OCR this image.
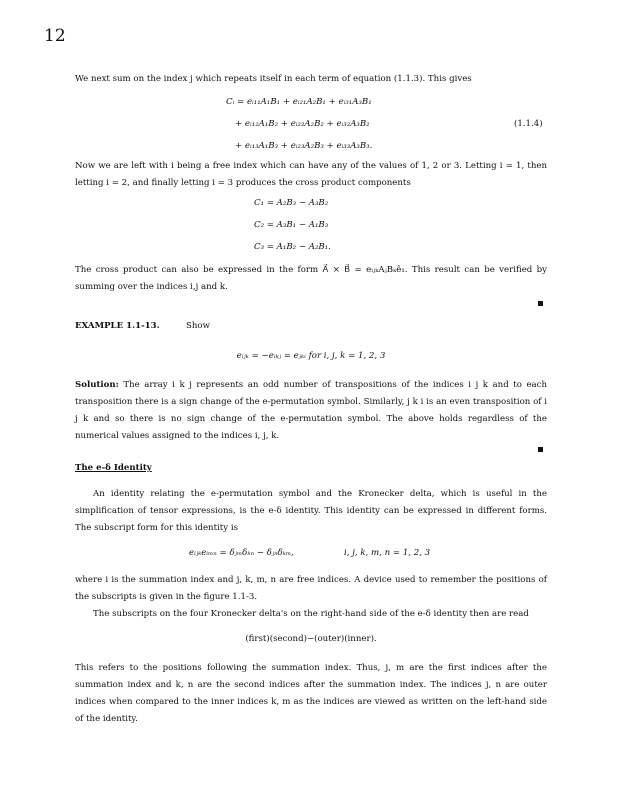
12
We next sum on the index j which repeats itself in each term of equation (1.1.3). This gives
Cᵢ = eᵢ₁₁A₁B₁ + eᵢ₂₁A₂B₁ + eᵢ₃₁A₃B₁
+ eᵢ₁₂A₁B₂ + eᵢ₂₂A₂B₂ + eᵢ₃₂A₃B₂	(1.1.4)
+ eᵢ₁₃A₁B₃ + eᵢ₂₃A₂B₃ + eᵢ₃₃A₃B₃.
Now we are left with i being a free index which can have any of the values of 1, 2 or 3. Letting i = 1, then letting i = 2, and finally letting i = 3 produces the cross product components
C₁ = A₂B₃ − A₃B₂
C₂ = A₃B₁ − A₁B₃
C₃ = A₁B₂ − A₂B₁.
The cross product can also be expressed in the form A⃗ × B⃗ = eᵢⱼₖAⱼBₖê₁. This result can be verified by summing over the indices i,j and k.
EXAMPLE 1.1-13.	Show
eᵢⱼₖ = −eᵢₖⱼ = eⱼₖᵢ for i, j, k = 1, 2, 3
Solution: The array i k j represents an odd number of transpositions of the indices i j k and to each transposition there is a sign change of the e-permutation symbol. Similarly, j k i is an even transposition of i j k and so there is no sign change of the e-permutation symbol. The above holds regardless of the numerical values assigned to the indices i, j, k.
The e-δ Identity
An identity relating the e-permutation symbol and the Kronecker delta, which is useful in the simplification of tensor expressions, is the e-δ identity. This identity can be expressed in different forms. The subscript form for this identity is
eᵢⱼₖeᵢₘₙ = δⱼₘδₖₙ − δⱼₙδₖₘ,	i, j, k, m, n = 1, 2, 3
where i is the summation index and j, k, m, n are free indices. A device used to remember the positions of the subscripts is given in the figure 1.1-3.
The subscripts on the four Kronecker delta's on the right-hand side of the e-δ identity then are read
(first)(second)−(outer)(inner).
This refers to the positions following the summation index. Thus, j, m are the first indices after the summation index and k, n are the second indices after the summation index. The indices j, n are outer indices when compared to the inner indices k, m as the indices are viewed as written on the left-hand side of the identity.
